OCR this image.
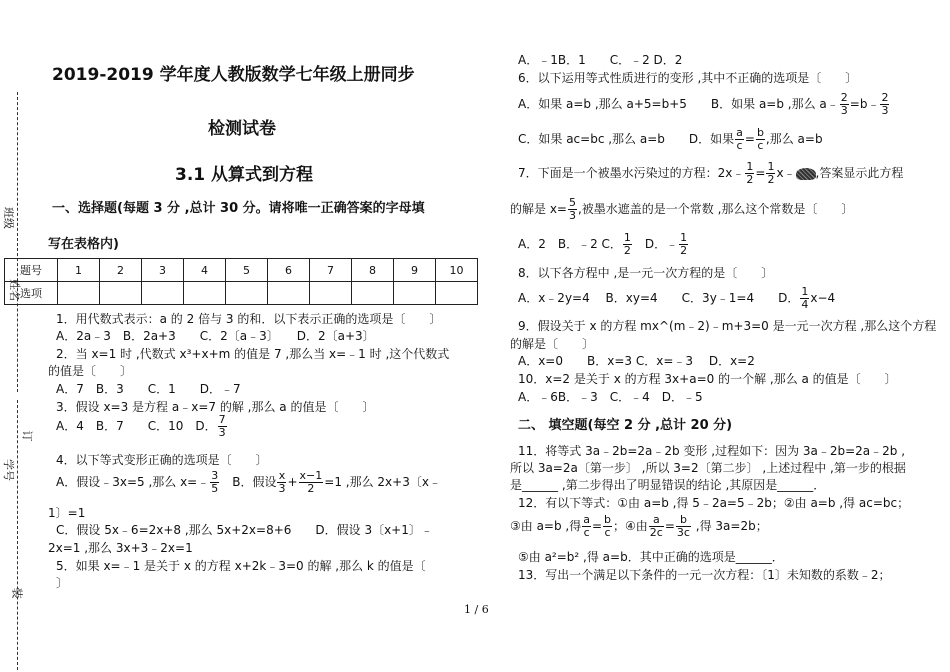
班级
姓名
订
学号
装
2019-2019 学年度人教版数学七年级上册同步
检测试卷
3.1 从算式到方程
一、选择题(每题 3 分 ,总计 30 分。请将唯一正确答案的字母填
写在表格内)
题号	1	2	3	4	5	6	7	8	9	10
选项										
1．用代数式表示：a 的 2 倍与 3 的和．以下表示正确的选项是〔　　〕
A．2a﹣3　B．2a+3　　C．2〔a﹣3〕　　D．2〔a+3〕
2．当 x=1 时 ,代数式 x³+x+m 的值是 7 ,那么当 x=﹣1 时 ,这个代数式
的值是〔　　〕
A．7　B．3　　C．1　　D．﹣7
3．假设 x=3 是方程 a﹣x=7 的解 ,那么 a 的值是〔　　〕
A．4　B．7　　C．10　D． $\frac{7}{3}$
4．以下等式变形正确的选项是〔　　〕
A．假设﹣3x=5 ,那么 x=﹣ $\frac{3}{5}$ 　B．假设 $\frac{x}{3} + \frac{x-1}{2} =1$ ,那么 2x+3〔x﹣
1〕=1
C．假设 5x﹣6=2x+8 ,那么 5x+2x=8+6　　D．假设 3〔x+1〕﹣
2x=1 ,那么 3x+3﹣2x=1
5．如果 x=﹣1 是关于 x 的方程 x+2k﹣3=0 的解 ,那么 k 的值是〔
〕
A．﹣1B．1　　C．﹣2 D．2
6．以下运用等式性质进行的变形 ,其中不正确的选项是〔　　〕
A．如果 a=b ,那么 a+5=b+5　　B．如果 a=b ,那么 a﹣ $\frac{2}{3}$ =b﹣ $\frac{2}{3}$
C．如果 ac=bc ,那么 a=b　　D．如果 $\frac{a}{c} = \frac{b}{c}$ ,那么 a=b
7．下面是一个被墨水污染过的方程：2x﹣ $\frac{1}{2} = \frac{1}{2}$ x﹣ ,答案显示此方程
的解是 $x= \frac{5}{3}$ ,被墨水遮盖的是一个常数 ,那么这个常数是〔　　〕
A．2　B．﹣2 C． $\frac{1}{2}$ 　D．﹣ $\frac{1}{2}$
8．以下各方程中 ,是一元一次方程的是〔　　〕
A．x﹣2y=4　 B．xy=4　　C．3y﹣1=4　　D． $\frac{1}{4} x-4$
9．假设关于 x 的方程 mx^(m﹣2)﹣m+3=0 是一元一次方程 ,那么这个方程
的解是〔　　〕
A．x=0　　B．x=3 C．x=﹣3　 D．x=2
10．x=2 是关于 x 的方程 3x+a=0 的一个解 ,那么 a 的值是〔　　〕
A．﹣6B．﹣3　C．﹣4　D．﹣5
二、 填空题(每空 2 分 ,总计 20 分)
11．将等式 3a﹣2b=2a﹣2b 变形 ,过程如下：因为 3a﹣2b=2a﹣2b ,
所以 3a=2a〔第一步〕 ,所以 3=2〔第二步〕 ,上述过程中 ,第一步的根据
是______ ,第二步得出了明显错误的结论 ,其原因是______．
12．有以下等式：①由 a=b ,得 5﹣2a=5﹣2b；②由 a=b ,得 ac=bc；
③由 a=b ,得 $\frac{a}{c} = \frac{b}{c}$ ；④由 $\frac{a}{2c} = \frac{b}{3c}$ ,得 3a=2b；
⑤由 a²=b² ,得 a=b．其中正确的选项是______．
13．写出一个满足以下条件的一元一次方程：〔1〕未知数的系数﹣2；
1 / 6
